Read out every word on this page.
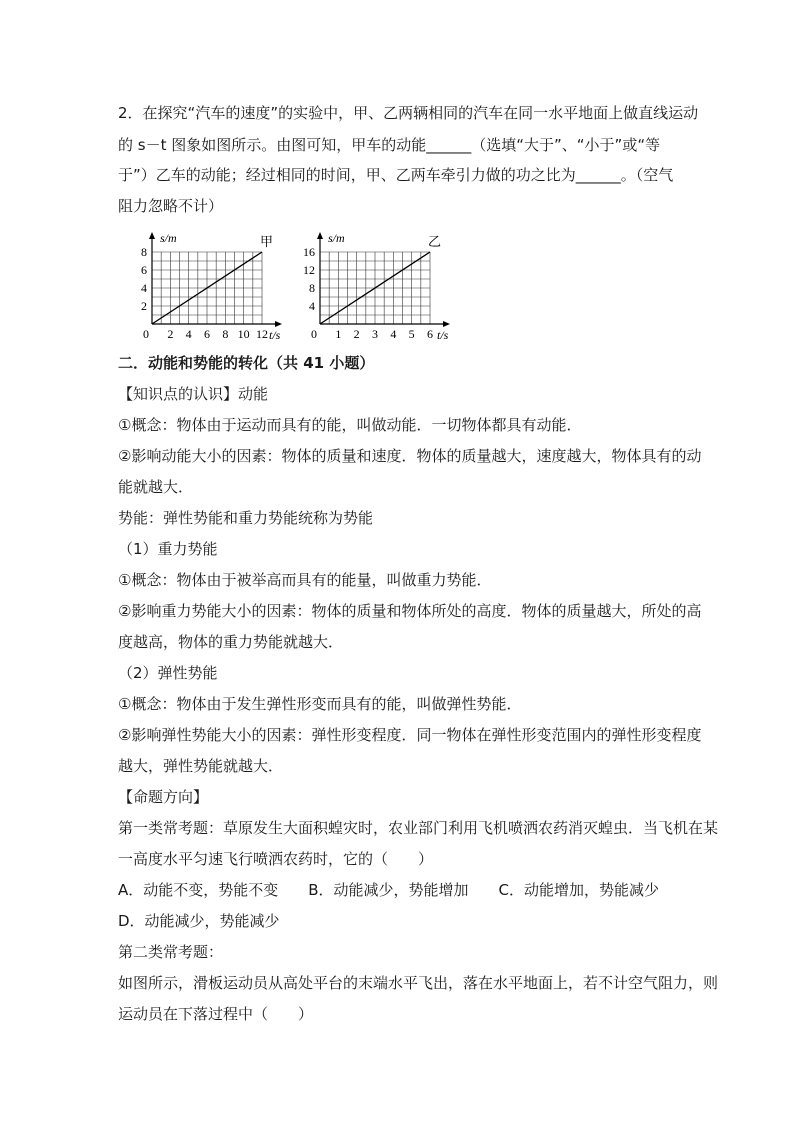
2．在探究“汽车的速度”的实验中，甲、乙两辆相同的汽车在同一水平地面上做直线运动
的 s－t 图象如图所示。由图可知，甲车的动能______（选填“大于”、“小于”或“等
于”）乙车的动能；经过相同的时间，甲、乙两车牵引力做的功之比为______。（空气
阻力忽略不计）
s/m
t/s
甲
0 2 4 6 8 10 12
2
4
6
8
s/m
t/s
乙
0 1 2 3 4 5 6
4
8
12
16
二．动能和势能的转化（共 41 小题）
【知识点的认识】动能
①概念：物体由于运动而具有的能，叫做动能．一切物体都具有动能．
②影响动能大小的因素：物体的质量和速度．物体的质量越大，速度越大，物体具有的动
能就越大．
势能：弹性势能和重力势能统称为势能
（1）重力势能
①概念：物体由于被举高而具有的能量，叫做重力势能．
②影响重力势能大小的因素：物体的质量和物体所处的高度．物体的质量越大，所处的高
度越高，物体的重力势能就越大．
（2）弹性势能
①概念：物体由于发生弹性形变而具有的能，叫做弹性势能．
②影响弹性势能大小的因素：弹性形变程度．同一物体在弹性形变范围内的弹性形变程度
越大，弹性势能就越大．
【命题方向】
第一类常考题：草原发生大面积蝗灾时，农业部门利用飞机喷洒农药消灭蝗虫．当飞机在某
一高度水平匀速飞行喷洒农药时，它的（　　）
A．动能不变，势能不变　　B．动能减少，势能增加　　C．动能增加，势能减少
D．动能减少，势能减少
第二类常考题：
如图所示，滑板运动员从高处平台的末端水平飞出，落在水平地面上，若不计空气阻力，则
运动员在下落过程中（　　）
